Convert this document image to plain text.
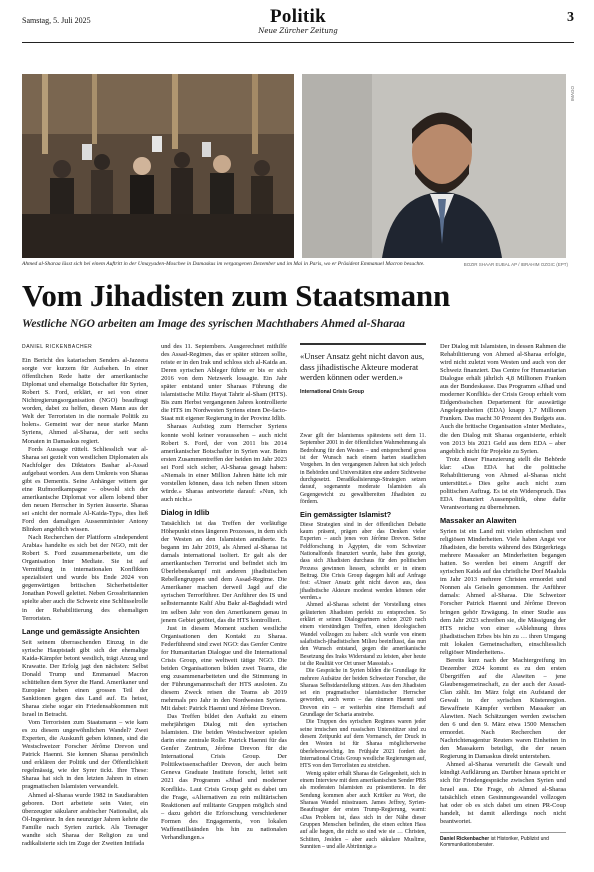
Samstag, 5. Juli 2025	Politik
Neue Zürcher Zeitung
3
IMAGO
Ahmed al-Sharaa lässt sich bei einem Auftritt in der Umayyaden-Moschee in Damaskus im vergangenen Dezember und im Mai in Paris, wo er Präsident Emmanuel Macron besuchte.	BOZIR SHAAR EUBAL AP / IBRAHIM OZGIC (EPT)
Vom Jihadisten zum Staatsmann
Westliche NGO arbeiten am Image des syrischen Machthabers Ahmed al-Sharaa
DANIEL RICKENBACHER

Ein Bericht des katarischen Senders al-Jazeera sorgte vor kurzem für Aufsehen. In einer öffentlichen Rede hatte der amerikanische Diplomat und ehemalige Botschafter für Syrien, Robert S. Ford, erklärt, er sei von einer Nichtregierungsorganisation (NGO) beauftragt worden, dabei zu helfen, diesen Mann aus der Welt der Terroristen in die normale Politik zu holen». Gemeint war der neue starke Mann Syriens, Ahmed al-Sharaa, der seit sechs Monaten in Damaskus regiert.

Fords Aussage rüttelt. Schliesslich war al-Sharaa sei gezielt von westlichen Diplomaten als Nachfolger des Diktators Bashar al-Assad aufgebaut worden. Aus dem Umkreis von Sharaa gibt es Dementis. Seine Anhänger wittern gar eine Rufmordkampagne – obwohl sich der amerikanische Diplomat vor allem lobend über den neuen Herrscher in Syrien äusserte. Sharaa sei «nicht der normale Al-Kaida-Typ», dies ließ Ford den damaligen Aussenminister Antony Blinken angeblich wissen.

Nach Recherchen der Plattform «Independent Arabia» handelte es sich bei der NGO, mit der Robert S. Ford zusammenarbeitete, um die Organisation Inter Mediate. Sie ist auf Vermittlung in internationalen Konflikten spezialisiert und wurde bis Ende 2024 von gegenwärtigen britischen Sicherheitsleiter Jonathan Powell geleitet. Neben Grossbritannien spielte aber auch die Schweiz eine Schlüsselrolle in der Rehabilitierung des ehemaligen Terroristen.

Lange und gemässigte Ansichten

Seit seinem überraschenden Einzug in die syrische Hauptstadt gibt sich der ehemalige Kaida-Kämpfer betont westlich, trägt Anzug und Krawatte. Der Erfolg jagt den nächsten: Selbst Donald Trump und Emmanuel Macron schüttelten dem Syrer die Hand. Amerikaner und Europäer heben einen grossen Teil der Sanktionen gegen das Land auf. Es heisst, Sharaa ziehe sogar ein Friedensabkommen mit Israel in Betracht.

Vom Terroristen zum Staatsmann – wie kam es zu diesem ungewöhnlichen Wandel? Zwei Experten, die Auskunft geben können, sind die Westschweizer Forscher Jérôme Drevon und Patrick Haenni. Sie kennen Sharaa persönlich und erklären der Politik und der Öffentlichkeit regelmässig, wie der Syrer tickt. Ihre These: Sharaa hat sich in den letzten Jahren in einen pragmatischen Islamisten verwandelt.

Ahmed al-Sharaa wurde 1982 in Saudiarabien geboren. Dort arbeitete sein Vater, ein überzeugter säkularer arabischer Nationalist, als Öl-Ingenieur. In den neunziger Jahren kehrte die Familie nach Syrien zurück. Als Teenager wandte sich Sharaa der Religion zu und radikalisierte sich im Zuge der Zweiten Intifada

und des 11. Septembers. Ausgerechnet mithilfe des Assad-Regimes, das er später stürzen sollte, reiste er in den Irak und schloss sich al-Kaida an. Deren syrischen Ableger führte er bis er sich 2016 von dem Netzwerk lossagte. Ein Jahr später entstand unter Sharaas Führung die islamistische Miliz Hayat Tahrir al-Sham (HTS). Bis zum Herbst vergangenen Jahres kontrollierte die HTS im Nordwesten Syriens einen De-facto-Staat mit eigener Regierung in der Provinz Idlib.

Sharaas Aufstieg zum Herrscher Syriens konnte wohl keiner voraussehen – auch nicht Robert S. Ford, der von 2011 bis 2014 amerikanischer Botschafter in Syrien war. Beim ersten Zusammentreffen der beiden im Jahr 2023 sei Ford sich sicher, Al-Sharaa gesagt haben: «Niemals in einer Million Jahren hätte ich mir vorstellen können, dass ich neben Ihnen sitzen würde.» Sharaa antwortete darauf: «Nun, ich auch nicht.»

Dialog in Idlib

Tatsächlich ist das Treffen der vorläufige Höhepunkt eines längeren Prozesses, in dem sich der Westen an den Islamisten annäherte. Es begann im Jahr 2019, als Ahmed al-Sharaa ist damals international isoliert. Er galt als der amerikanischen Terrorist und befindet sich im Überlebenskampf mit anderen jihadistischen Rebellengruppen und dem Assad-Regime. Die Amerikaner machen derweil Jagd auf die syrischen Terrorführer. Der Anführer des IS und selbsternannte Kalif Abu Bakr al-Baghdadi wird im selben Jahr von den Amerikanern genau in jenem Gebiet getötet, das die HTS kontrolliert.

Just in diesem Moment suchen westliche Organisationen den Kontakt zu Sharaa. Federführend sind zwei NGO: das Genfer Centre for Humanitarian Dialogue und die International Crisis Group, eine weltweit tätige NGO. Die beiden Organisationen bilden zwei Teams, die eng zusammenarbeiteten und die Stimmung in der Führungsmannschaft der HTS ausloten. Zu diesem Zweck reisen die Teams ab 2019 mehrmals pro Jahr in den Nordwesten Syriens. Mit dabei: Patrick Haenni und Jérôme Drevon.

Das Treffen bildet den Auftakt zu einem mehrjährigen Dialog mit den syrischen Islamisten. Die beiden Westschweizer spielen darin eine zentrale Rolle: Patrick Haenni für das Genfer Zentrum, Jérôme Drevon für die International Crisis Group. Der Politikwissenschaftler Drevon, der auch beim Geneva Graduate Institute forscht, leitet seit 2021 das Programm «Jihad und moderner Konflikt». Laut Crisis Group geht es dabei um die Frage, «Alternativen zu rein militärischen Reaktionen auf militante Gruppen möglich sind – dazu gehört die Erforschung verschiedener Formen des Engagements, von lokalen Waffenstillständen bis hin zu nationalen Verhandlungen.»

«Unser Ansatz geht nicht davon aus, dass jihadistische Akteure moderat werden können oder werden.»
International Crisis Group

Zwar gilt der Islamismus spätestens seit dem 11. September 2001 in der öffentlichen Wahrnehmung als Bedrohung für den Westen – und entsprechend gross ist der Wunsch nach einem harten staatlichen Vorgehen. In den vergangenen Jahren hat sich jedoch in Behörden und Universitäten eine andere Sichtweise durchgesetzt. Deradikalisierungs-Strategien setzen darauf, sogenannte moderate Islamisten als Gegengewicht zu gewaltbereiten Jihadisten zu fördern.

Ein gemässigter Islamist?

Diese Strategien sind in der öffentlichen Debatte kaum präsent, prägen aber das Denken vieler Experten – auch jenes von Jérôme Drevon. Seine Feldforschung in Ägypten, die vom Schweizer Nationalfonds finanziert wurde, habe ihm gezeigt, dass sich Jihadisten durchaus für den politischen Prozess gewinnen liessen, schreibt er in einem Beitrag. Die Crisis Group dagegen hält auf Anfrage fest: «Unser Ansatz geht nicht davon aus, dass jihadistische Akteure moderat werden können oder werden.»

Ahmed al-Sharaa scheint der Vorstellung eines geläuterten Jihadisten perfekt zu entsprechen. So erklärt er seinen Dialogpartnern schon 2020 nach einem vierstündigen Treffen, einen ideologischen Wandel vollzogen zu haben: «Ich wurde von einem salafistisch-jihadistischen Milieu beeinflusst, das nun den Wunsch entstand, gegen die amerikanische Besetzung des Iraks Widerstand zu leisten, aber heute ist die Realität vor Ort unser Massstab.»

Die Gespräche in Syrien bilden die Grundlage für mehrere Aufsätze der beiden Schweizer Forscher, die Sharaas Selbstdarstellung stützen. Aus den Jihadisten sei ein pragmatischer islamistischer Herrscher geworden, auch wenn – das räumen Haenni und Drevon ein – er weiterhin eine Herrschaft auf Grundlage der Scharia anstrebe.

Die Truppen des syrischen Regimes waren jeder seine irmischen und russischen Unterstützer sind zu diesem Zeitpunkt auf dem Vormarsch, der Druck in den Westen ist für Sharaa möglicherweise überlebenswichtig. Im Frühjahr 2021 fordert die International Crisis Group westliche Regierungen auf, HTS von den Terrorlisten zu streichen.

Wenig später erhält Sharaa die Gelegenheit, sich in einem Interview mit dem amerikanischen Sender PBS als moderaten Islamisten zu präsentieren. In der Sendung kommen aber auch Kritiker zu Wort, die Sharaas Wandel misstrauen. James Jeffrey, Syrien-Beauftragter der ersten Trump-Regierung, warnt: «Das Problem ist, dass sich in der Nähe dieser Gruppen Menschen befinden, die einen echten Hass auf alle hegen, die nicht so sind wie sie … Christen, Schiiten, Jesiden – aber auch säkulare Muslime, Sunniten – und alle Abtrünnige.»

Der Dialog mit Islamisten, in dessen Rahmen die Rehabilitierung von Ahmed al-Sharaa erfolgte, wird nicht zuletzt vom Westen und auch von der Schweiz finanziert. Das Centre for Humanitarian Dialogue erhält jährlich 4,8 Millionen Franken aus der Bundeskasse. Das Programm «Jihad und moderner Konflikt» der Crisis Group erhielt vom Eidgenössischen Departement für auswärtige Angelegenheiten (EDA) knapp 1,7 Millionen Franken. Das macht 30 Prozent des Budgets aus. Auch die britische Organisation «Inter Mediate», die den Dialog mit Sharaa organisierte, erhielt von 2013 bis 2021 Geld aus dem EDA – aber angeblich nicht für Projekte zu Syrien.

Trotz dieser Finanzierung stellt die Behörde klar: «Das EDA hat die politische Rehabilitierung von Ahmed al-Sharaa nicht unterstützt.» Dies gelte auch nicht zum politischen Auftrag. Es ist ein Widerspruch. Das EDA finanziert Aussenpolitik, ohne dafür Verantwortung zu übernehmen.

Massaker an Alawiten

Syrien ist ein Land mit vielen ethnischen und religiösen Minderheiten. Viele haben Angst vor Jihadisten, die bereits während des Bürgerkriegs mehrere Massaker an Minderheiten begangen hatten. So werden bei einem Angriff der syrischen Kaida auf das christliche Dorf Maalula im Jahr 2013 mehrere Christen ermordet und Nonnen als Geiseln genommen. Ihr Anführer damals: Ahmed al-Sharaa. Die Schweizer Forscher Patrick Haenni und Jérôme Drevon bringen gehör Erwägung. In einer Studie aus dem Jahr 2023 schreiben sie, die Mässigung der HTS reiche von einer «Ablehnung ihres jihadistischen Erbes bis hin zu … ihren Umgang mit lokalen Gemeinschaften, einschliesslich religiöser Minderheiten».

Bereits kurz nach der Machtergreifung im Dezember 2024 kommt es zu den ersten Übergriffen auf die Alawiten – jene Glaubensgemeinschaft, zu der auch der Assad-Clan zählt. Im März folgt ein Aufstand der Gewalt in der syrischen Küstenregion. Bewaffnete Kämpfer verüben Massaker an Alawiten. Nach Schätzungen werden zwischen den 6 und den 9. März etwa 1500 Menschen ermordet. Nach Recherchen der Nachrichtenagentur Reuters waren Einheiten in den Massakern beteiligt, die der neuen Regierung in Damaskus direkt unterstehen.

Ahmed al-Sharaa verurteilt die Gewalt und kündigt Aufklärung an. Darüber hinaus spricht er sich für Friedengespräche zwischen Syrien und Israel aus. Die Frage, ob Ahmed al-Sharaa tatsächlich einen Gesinnungswandel vollzogen hat oder ob es sich dabei um einen PR-Coup handelt, ist damit allerdings noch nicht beantwortet.

Daniel Rickenbacher ist Historiker, Publizist und Kommunikationsberater.
